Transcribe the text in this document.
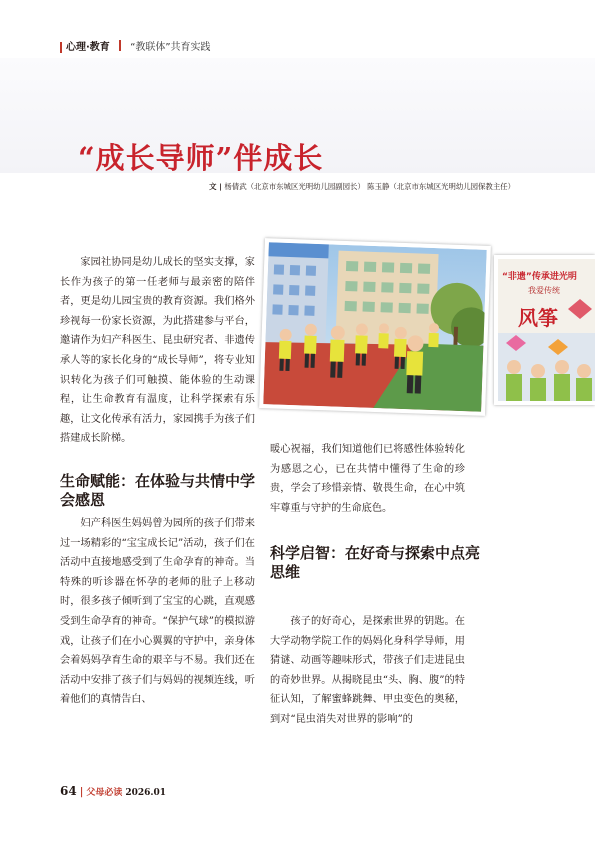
心理·教育 “教联体”共育实践
“成长导师”伴成长
文 | 杨倩武（北京市东城区光明幼儿园副园长） 陈玉静（北京市东城区光明幼儿园保教主任）

家园社协同是幼儿成长的坚实支撑，家长作为孩子的第一任老师与最亲密的陪伴者，更是幼儿园宝贵的教育资源。我们格外珍视每一份家长资源，为此搭建参与平台，邀请作为妇产科医生、昆虫研究者、非遗传承人等的家长化身的“成长导师”，将专业知识转化为孩子们可触摸、能体验的生动课程，让生命教育有温度，让科学探索有乐趣，让文化传承有活力，家园携手为孩子们搭建成长阶梯。

生命赋能：在体验与共情中学会感恩

妇产科医生妈妈曾为园所的孩子们带来过一场精彩的“宝宝成长记”活动，孩子们在活动中直接地感受到了生命孕育的神奇。当特殊的听诊器在怀孕的老师的肚子上移动时，很多孩子倾听到了宝宝的心跳，直观感受到生命孕育的神奇。“保护气球”的模拟游戏，让孩子们在小心翼翼的守护中，亲身体会着妈妈孕育生命的艰辛与不易。我们还在活动中安排了孩子们与妈妈的视频连线，听着他们的真情告白、

暖心祝福，我们知道他们已将感性体验转化为感恩之心，已在共情中懂得了生命的珍贵，学会了珍惜亲情、敬畏生命，在心中筑牢尊重与守护的生命底色。

科学启智：在好奇与探索中点亮思维

孩子的好奇心，是探索世界的钥匙。在大学动物学院工作的妈妈化身科学导师，用猜谜、动画等趣味形式，带孩子们走进昆虫的奇妙世界。从揭晓昆虫“头、胸、腹”的特征认知，了解蜜蜂跳舞、甲虫变色的奥秘，到对“昆虫消失对世界的影响”的

“非遗”传承进光明
我爱传统
风筝
64 | 父母必读 2026.01
